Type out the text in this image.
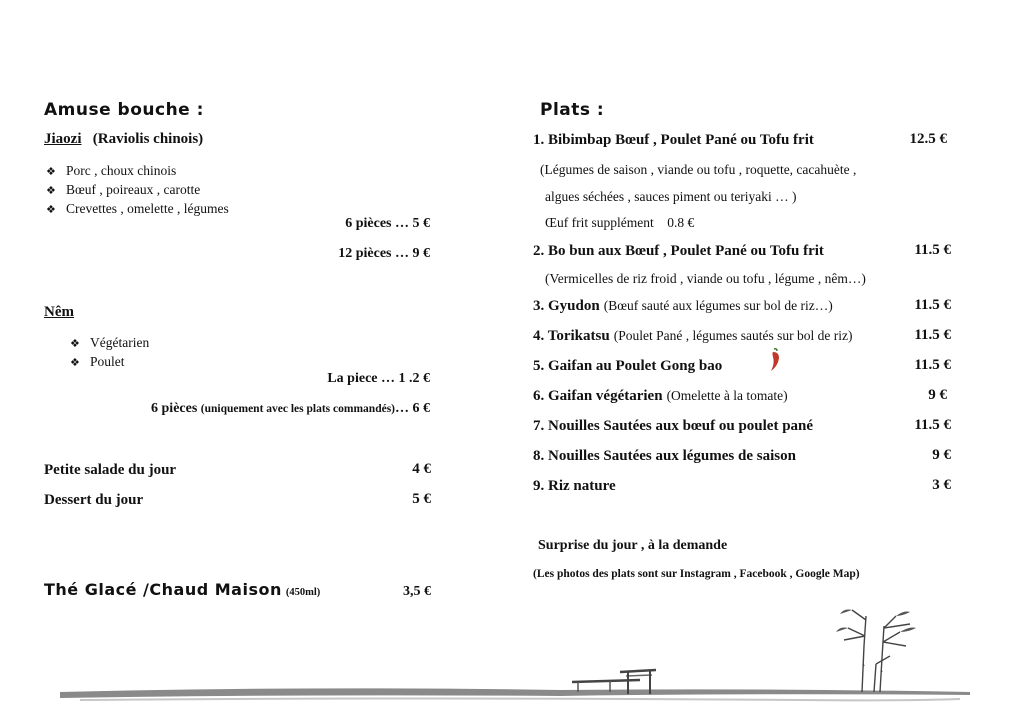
Amuse bouche :
Jiaozi (Raviolis chinois)
❖ Porc , choux chinois
❖ Bœuf , poireaux , carotte
❖ Crevettes , omelette , légumes
6 pièces … 5 €
12 pièces … 9 €
Nêm
❖ Végétarien
❖ Poulet
La piece … 1 .2 €
6 pièces (uniquement avec les plats commandés)… 6 €
Petite salade du jour	4 €
Dessert du jour	5 €
Thé Glacé /Chaud Maison (450ml)	3,5 €
Plats :
1. Bibimbap Bœuf , Poulet Pané ou Tofu frit	12.5 €
(Légumes de saison , viande ou tofu , roquette, cacahuète ,
algues séchées , sauces piment ou teriyaki … )
Œuf frit supplément 0.8 €
2. Bo bun aux Bœuf , Poulet Pané ou Tofu frit	11.5 €
(Vermicelles de riz froid , viande ou tofu , légume , nêm…)
3. Gyudon (Bœuf sauté aux légumes sur bol de riz…)	11.5 €
4. Torikatsu (Poulet Pané , légumes sautés sur bol de riz)	11.5 €
5. Gaifan au Poulet Gong bao	11.5 €
6. Gaifan végétarien (Omelette à la tomate)	9 €
7. Nouilles Sautées aux bœuf ou poulet pané	11.5 €
8. Nouilles Sautées aux légumes de saison	9 €
9. Riz nature	3 €
Surprise du jour , à la demande
(Les photos des plats sont sur Instagram , Facebook , Google Map)
